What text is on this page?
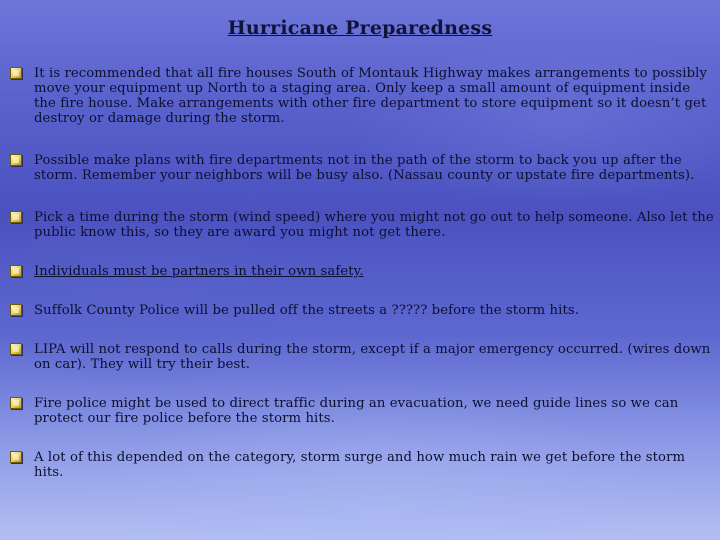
Hurricane Preparedness
It is recommended that all fire houses South of Montauk Highway makes arrangements to possibly move your equipment up North to a staging area. Only keep a small amount of equipment inside the fire house. Make arrangements with other fire department to store equipment so it doesn’t get destroy or damage during the storm.
Possible make plans with fire departments not in the path of the storm to back you up after the storm. Remember your neighbors will be busy also. (Nassau county or upstate fire departments).
Pick a time during the storm (wind speed) where you might not go out to help someone. Also let the public know this, so they are award you might not get there.
Individuals must be partners in their own safety.
Suffolk County Police will be pulled off the streets a ????? before the storm hits.
LIPA will not respond to calls during the storm, except if a major emergency occurred. (wires down on car). They will try their best.
Fire police might be used to direct traffic during an evacuation, we need guide lines so we can protect our fire police before the storm hits.
A lot of this depended on the category, storm surge and how much rain we get before the storm hits.
